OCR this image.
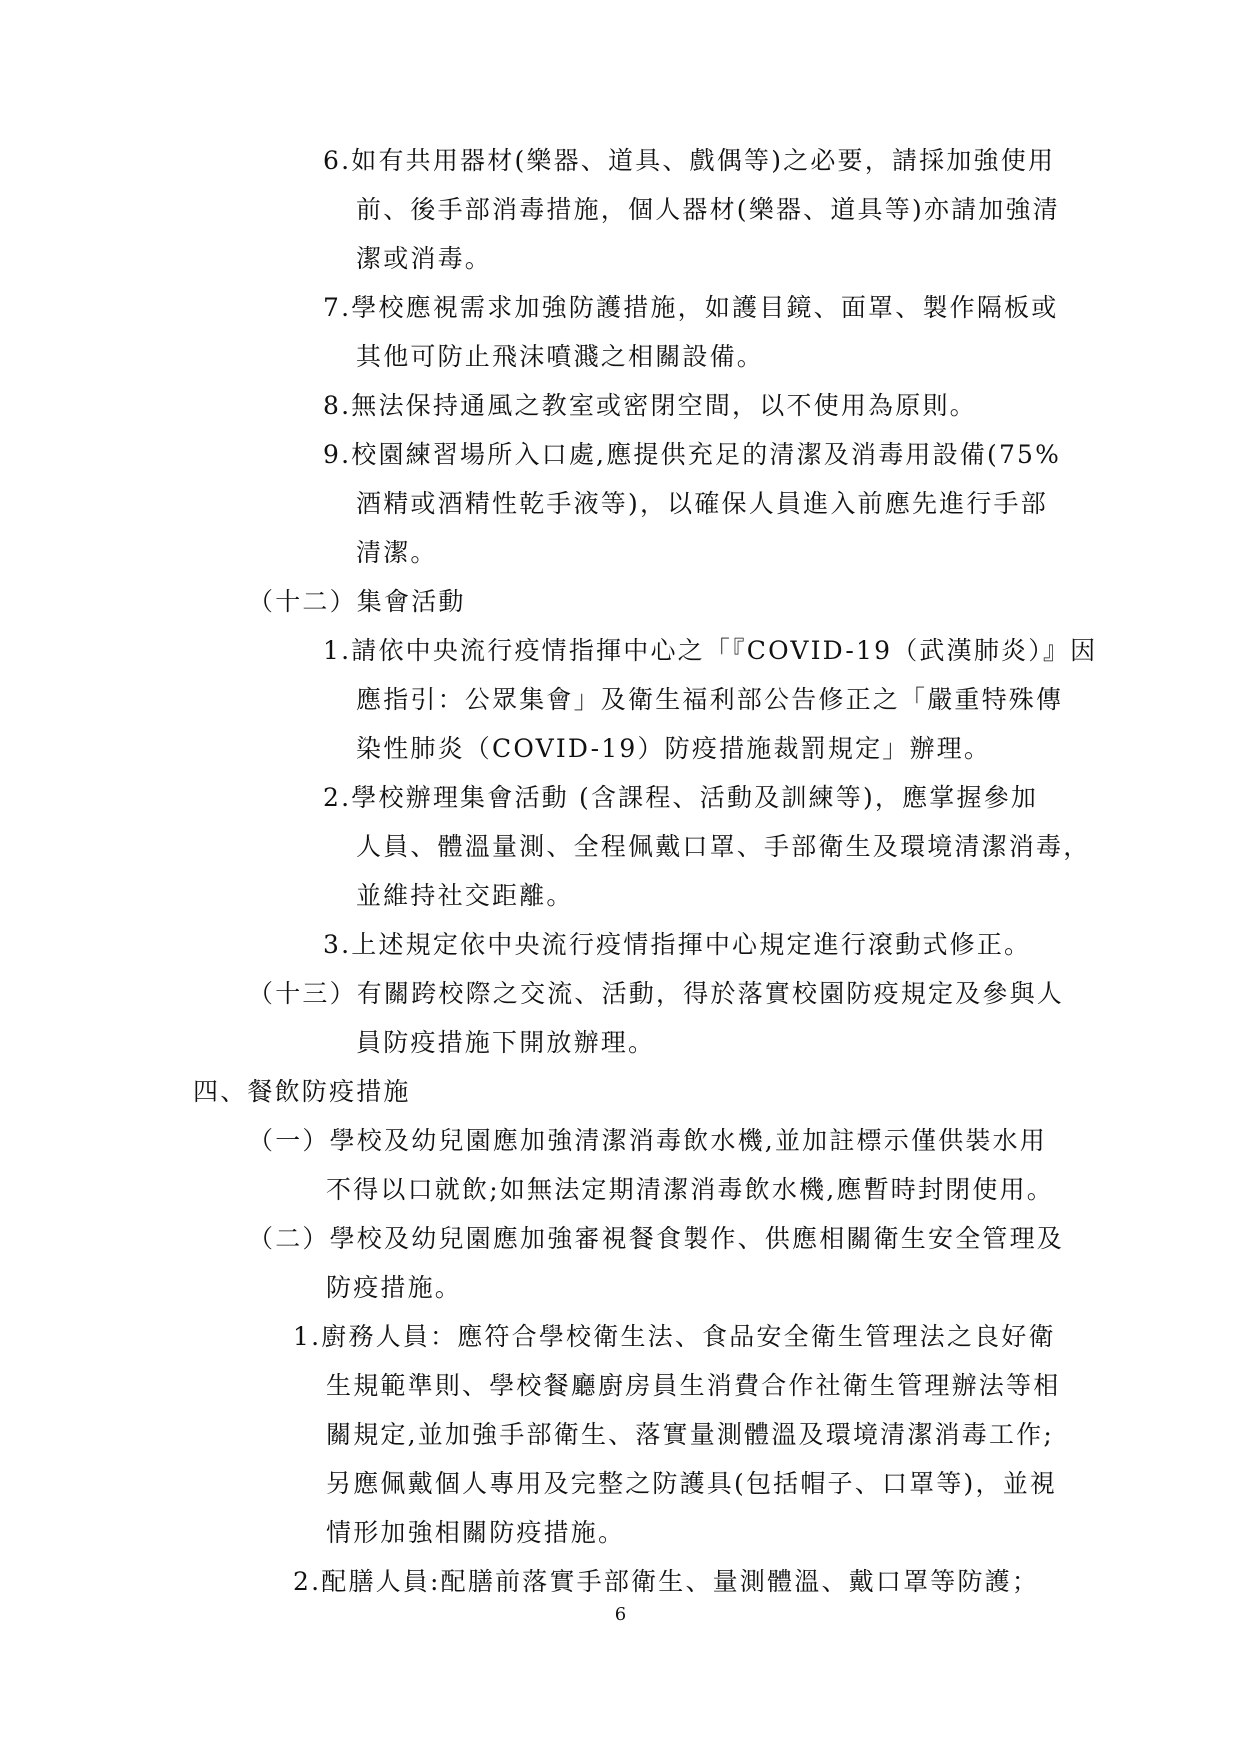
6.如有共用器材(樂器、道具、戲偶等)之必要，請採加強使用
前、後手部消毒措施，個人器材(樂器、道具等)亦請加強清
潔或消毒。
7.學校應視需求加強防護措施，如護目鏡、面罩、製作隔板或
其他可防止飛沫噴濺之相關設備。
8.無法保持通風之教室或密閉空間，以不使用為原則。
9.校園練習場所入口處,應提供充足的清潔及消毒用設備(75%
酒精或酒精性乾手液等)，以確保人員進入前應先進行手部
清潔。
（十二）集會活動
1.請依中央流行疫情指揮中心之「『COVID-19（武漢肺炎）』因
應指引：公眾集會」及衛生福利部公告修正之「嚴重特殊傳
染性肺炎（COVID-19）防疫措施裁罰規定」辦理。
2.學校辦理集會活動 (含課程、活動及訓練等)，應掌握參加
人員、體溫量測、全程佩戴口罩、手部衛生及環境清潔消毒，
並維持社交距離。
3.上述規定依中央流行疫情指揮中心規定進行滾動式修正。
（十三）有關跨校際之交流、活動，得於落實校園防疫規定及參與人
員防疫措施下開放辦理。
四、餐飲防疫措施
（一）學校及幼兒園應加強清潔消毒飲水機,並加註標示僅供裝水用
不得以口就飲;如無法定期清潔消毒飲水機,應暫時封閉使用。
（二）學校及幼兒園應加強審視餐食製作、供應相關衛生安全管理及
防疫措施。
1.廚務人員：應符合學校衛生法、食品安全衛生管理法之良好衛
生規範準則、學校餐廳廚房員生消費合作社衛生管理辦法等相
關規定,並加強手部衛生、落實量測體溫及環境清潔消毒工作;
另應佩戴個人專用及完整之防護具(包括帽子、口罩等)，並視
情形加強相關防疫措施。
2.配膳人員:配膳前落實手部衛生、量測體溫、戴口罩等防護；
6
